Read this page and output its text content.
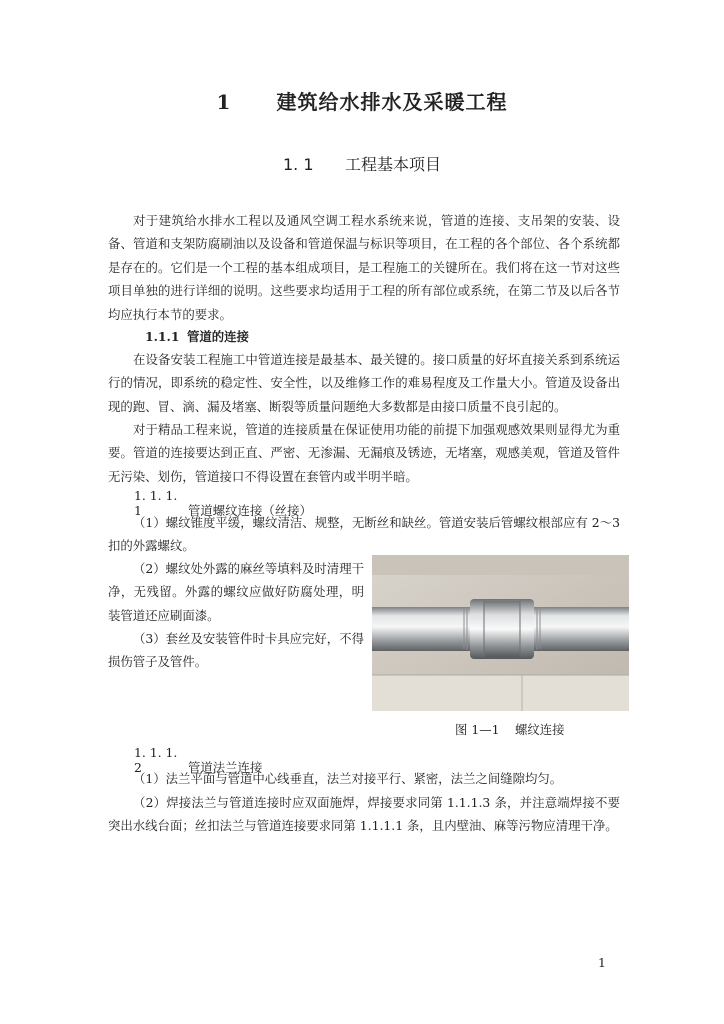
1 建筑给水排水及采暖工程
1. 1 工程基本项目
对于建筑给水排水工程以及通风空调工程水系统来说，管道的连接、支吊架的安装、设备、管道和支架防腐刷油以及设备和管道保温与标识等项目，在工程的各个部位、各个系统都是存在的。它们是一个工程的基本组成项目，是工程施工的关键所在。我们将在这一节对这些项目单独的进行详细的说明。这些要求均适用于工程的所有部位或系统，在第二节及以后各节均应执行本节的要求。
1.1.1 管道的连接
在设备安装工程施工中管道连接是最基本、最关键的。接口质量的好坏直接关系到系统运行的情况，即系统的稳定性、安全性，以及维修工作的难易程度及工作量大小。管道及设备出现的跑、冒、滴、漏及堵塞、断裂等质量问题绝大多数都是由接口质量不良引起的。
对于精品工程来说，管道的连接质量在保证使用功能的前提下加强观感效果则显得尤为重要。管道的连接要达到正直、严密、无渗漏、无漏痕及锈迹，无堵塞，观感美观，管道及管件无污染、划伤，管道接口不得设置在套管内或半明半暗。
1. 1. 1. 1	管道螺纹连接（丝接）
（1）螺纹锥度平缓，螺纹清洁、规整，无断丝和缺丝。管道安装后管螺纹根部应有 2～3 扣的外露螺纹。
（2）螺纹处外露的麻丝等填料及时清理干净，无残留。外露的螺纹应做好防腐处理，明装管道还应刷面漆。
（3）套丝及安装管件时卡具应完好，不得损伤管子及管件。
图 1—1 螺纹连接
1. 1. 1. 2	管道法兰连接
（1）法兰平面与管道中心线垂直，法兰对接平行、紧密，法兰之间缝隙均匀。
（2）焊接法兰与管道连接时应双面施焊，焊接要求同第 1.1.1.3 条，并注意端焊接不要突出水线台面；丝扣法兰与管道连接要求同第 1.1.1.1 条，且内壁油、麻等污物应清理干净。
1
